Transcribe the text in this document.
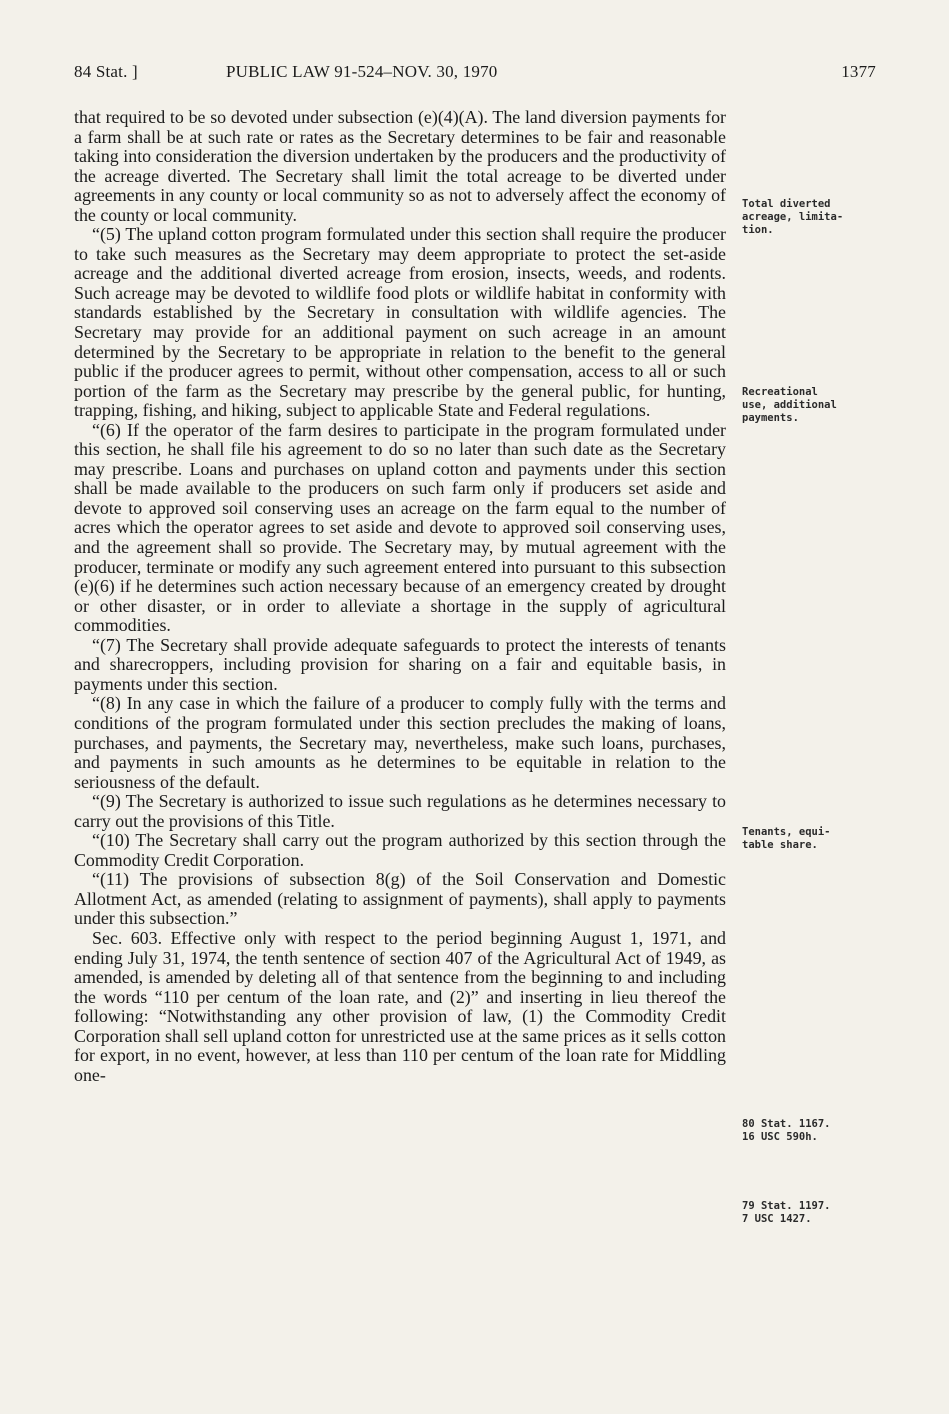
84 Stat. ]	PUBLIC LAW 91-524–NOV. 30, 1970	1377

that required to be so devoted under subsection (e)(4)(A). The land diversion payments for a farm shall be at such rate or rates as the Secretary determines to be fair and reasonable taking into consideration the diversion undertaken by the producers and the productivity of the acreage diverted. The Secretary shall limit the total acreage to be diverted under agreements in any county or local community so as not to adversely affect the economy of the county or local community.

“(5) The upland cotton program formulated under this section shall require the producer to take such measures as the Secretary may deem appropriate to protect the set-aside acreage and the additional diverted acreage from erosion, insects, weeds, and rodents. Such acreage may be devoted to wildlife food plots or wildlife habitat in conformity with standards established by the Secretary in consultation with wildlife agencies. The Secretary may provide for an additional payment on such acreage in an amount determined by the Secretary to be appropriate in relation to the benefit to the general public if the producer agrees to permit, without other compensation, access to all or such portion of the farm as the Secretary may prescribe by the general public, for hunting, trapping, fishing, and hiking, subject to applicable State and Federal regulations.

“(6) If the operator of the farm desires to participate in the program formulated under this section, he shall file his agreement to do so no later than such date as the Secretary may prescribe. Loans and purchases on upland cotton and payments under this section shall be made available to the producers on such farm only if producers set aside and devote to approved soil conserving uses an acreage on the farm equal to the number of acres which the operator agrees to set aside and devote to approved soil conserving uses, and the agreement shall so provide. The Secretary may, by mutual agreement with the producer, terminate or modify any such agreement entered into pursuant to this subsection (e)(6) if he determines such action necessary because of an emergency created by drought or other disaster, or in order to alleviate a shortage in the supply of agricultural commodities.

“(7) The Secretary shall provide adequate safeguards to protect the interests of tenants and sharecroppers, including provision for sharing on a fair and equitable basis, in payments under this section.

“(8) In any case in which the failure of a producer to comply fully with the terms and conditions of the program formulated under this section precludes the making of loans, purchases, and payments, the Secretary may, nevertheless, make such loans, purchases, and payments in such amounts as he determines to be equitable in relation to the seriousness of the default.

“(9) The Secretary is authorized to issue such regulations as he determines necessary to carry out the provisions of this Title.

“(10) The Secretary shall carry out the program authorized by this section through the Commodity Credit Corporation.

“(11) The provisions of subsection 8(g) of the Soil Conservation and Domestic Allotment Act, as amended (relating to assignment of payments), shall apply to payments under this subsection.”

Sec. 603. Effective only with respect to the period beginning August 1, 1971, and ending July 31, 1974, the tenth sentence of section 407 of the Agricultural Act of 1949, as amended, is amended by deleting all of that sentence from the beginning to and including the words “110 per centum of the loan rate, and (2)” and inserting in lieu thereof the following: “Notwithstanding any other provision of law, (1) the Commodity Credit Corporation shall sell upland cotton for unrestricted use at the same prices as it sells cotton for export, in no event, however, at less than 110 per centum of the loan rate for Middling one-

Total diverted
acreage, limita-
tion.
Recreational
use, additional
payments.
Tenants, equi-
table share.
80 Stat. 1167.
16 USC 590h.
79 Stat. 1197.
7 USC 1427.
